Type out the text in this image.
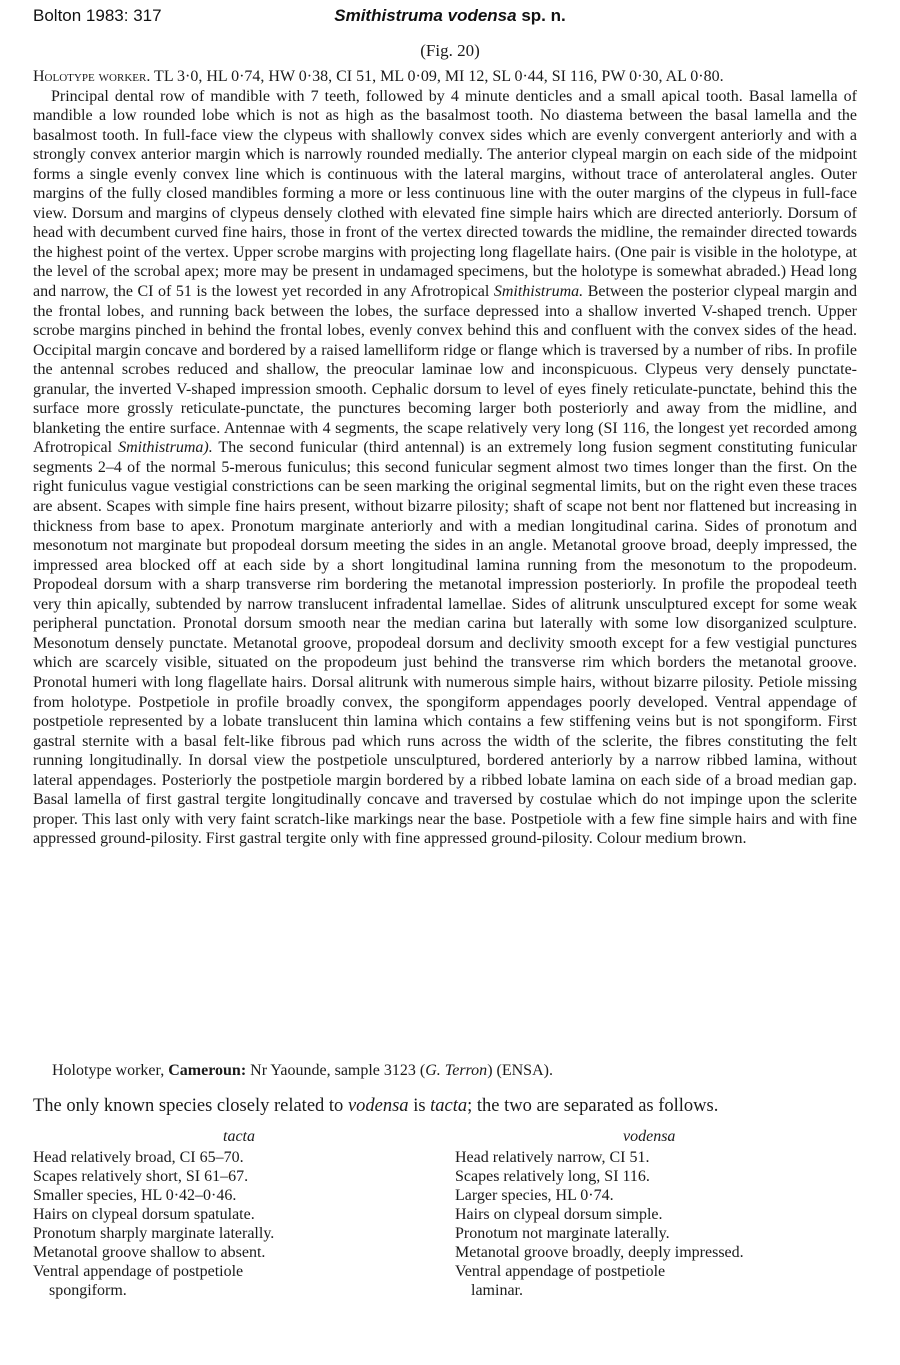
Bolton 1983: 317	Smithistruma vodensa sp. n.
(Fig. 20)

Holotype worker. TL 3·0, HL 0·74, HW 0·38, CI 51, ML 0·09, MI 12, SL 0·44, SI 116, PW 0·30, AL 0·80.

Principal dental row of mandible with 7 teeth, followed by 4 minute denticles and a small apical tooth. Basal lamella of mandible a low rounded lobe which is not as high as the basalmost tooth. No diastema between the basal lamella and the basalmost tooth. In full-face view the clypeus with shallowly convex sides which are evenly convergent anteriorly and with a strongly convex anterior margin which is narrowly rounded medially. The anterior clypeal margin on each side of the midpoint forms a single evenly convex line which is continuous with the lateral margins, without trace of anterolateral angles. Outer margins of the fully closed mandibles forming a more or less continuous line with the outer margins of the clypeus in full-face view. Dorsum and margins of clypeus densely clothed with elevated fine simple hairs which are directed anteriorly. Dorsum of head with decumbent curved fine hairs, those in front of the vertex directed towards the midline, the remainder directed towards the highest point of the vertex. Upper scrobe margins with projecting long flagellate hairs. (One pair is visible in the holotype, at the level of the scrobal apex; more may be present in undamaged specimens, but the holotype is somewhat abraded.) Head long and narrow, the CI of 51 is the lowest yet recorded in any Afrotropical Smithistruma. Between the posterior clypeal margin and the frontal lobes, and running back between the lobes, the surface depressed into a shallow inverted V-shaped trench. Upper scrobe margins pinched in behind the frontal lobes, evenly convex behind this and confluent with the convex sides of the head. Occipital margin concave and bordered by a raised lamelliform ridge or flange which is traversed by a number of ribs. In profile the antennal scrobes reduced and shallow, the preocular laminae low and inconspicuous. Clypeus very densely punctate-granular, the inverted V-shaped impression smooth. Cephalic dorsum to level of eyes finely reticulate-punctate, behind this the surface more grossly reticulate-punctate, the punctures becoming larger both posteriorly and away from the midline, and blanketing the entire surface. Antennae with 4 segments, the scape relatively very long (SI 116, the longest yet recorded among Afrotropical Smithistruma). The second funicular (third antennal) is an extremely long fusion segment constituting funicular segments 2–4 of the normal 5-merous funiculus; this second funicular segment almost two times longer than the first. On the right funiculus vague vestigial constrictions can be seen marking the original segmental limits, but on the right even these traces are absent. Scapes with simple fine hairs present, without bizarre pilosity; shaft of scape not bent nor flattened but increasing in thickness from base to apex. Pronotum marginate anteriorly and with a median longitudinal carina. Sides of pronotum and mesonotum not marginate but propodeal dorsum meeting the sides in an angle. Metanotal groove broad, deeply impressed, the impressed area blocked off at each side by a short longitudinal lamina running from the mesonotum to the propodeum. Propodeal dorsum with a sharp transverse rim bordering the metanotal impression posteriorly. In profile the propodeal teeth very thin apically, subtended by narrow translucent infradental lamellae. Sides of alitrunk unsculptured except for some weak peripheral punctation. Pronotal dorsum smooth near the median carina but laterally with some low disorganized sculpture. Mesonotum densely punctate. Metanotal groove, propodeal dorsum and declivity smooth except for a few vestigial punctures which are scarcely visible, situated on the propodeum just behind the transverse rim which borders the metanotal groove. Pronotal humeri with long flagellate hairs. Dorsal alitrunk with numerous simple hairs, without bizarre pilosity. Petiole missing from holotype. Postpetiole in profile broadly convex, the spongiform appendages poorly developed. Ventral appendage of postpetiole represented by a lobate translucent thin lamina which contains a few stiffening veins but is not spongiform. First gastral sternite with a basal felt-like fibrous pad which runs across the width of the sclerite, the fibres constituting the felt running longitudinally. In dorsal view the postpetiole unsculptured, bordered anteriorly by a narrow ribbed lamina, without lateral appendages. Posteriorly the postpetiole margin bordered by a ribbed lobate lamina on each side of a broad median gap. Basal lamella of first gastral tergite longitudinally concave and traversed by costulae which do not impinge upon the sclerite proper. This last only with very faint scratch-like markings near the base. Postpetiole with a few fine simple hairs and with fine appressed ground-pilosity. First gastral tergite only with fine appressed ground-pilosity. Colour medium brown.

Holotype worker, Cameroun: Nr Yaounde, sample 3123 (G. Terron) (ENSA).
The only known species closely related to vodensa is tacta; the two are separated as follows.
tacta
Head relatively broad, CI 65–70.
Scapes relatively short, SI 61–67.
Smaller species, HL 0·42–0·46.
Hairs on clypeal dorsum spatulate.
Pronotum sharply marginate laterally.
Metanotal groove shallow to absent.
Ventral appendage of postpetiole
spongiform.
vodensa
Head relatively narrow, CI 51.
Scapes relatively long, SI 116.
Larger species, HL 0·74.
Hairs on clypeal dorsum simple.
Pronotum not marginate laterally.
Metanotal groove broadly, deeply impressed.
Ventral appendage of postpetiole
laminar.
